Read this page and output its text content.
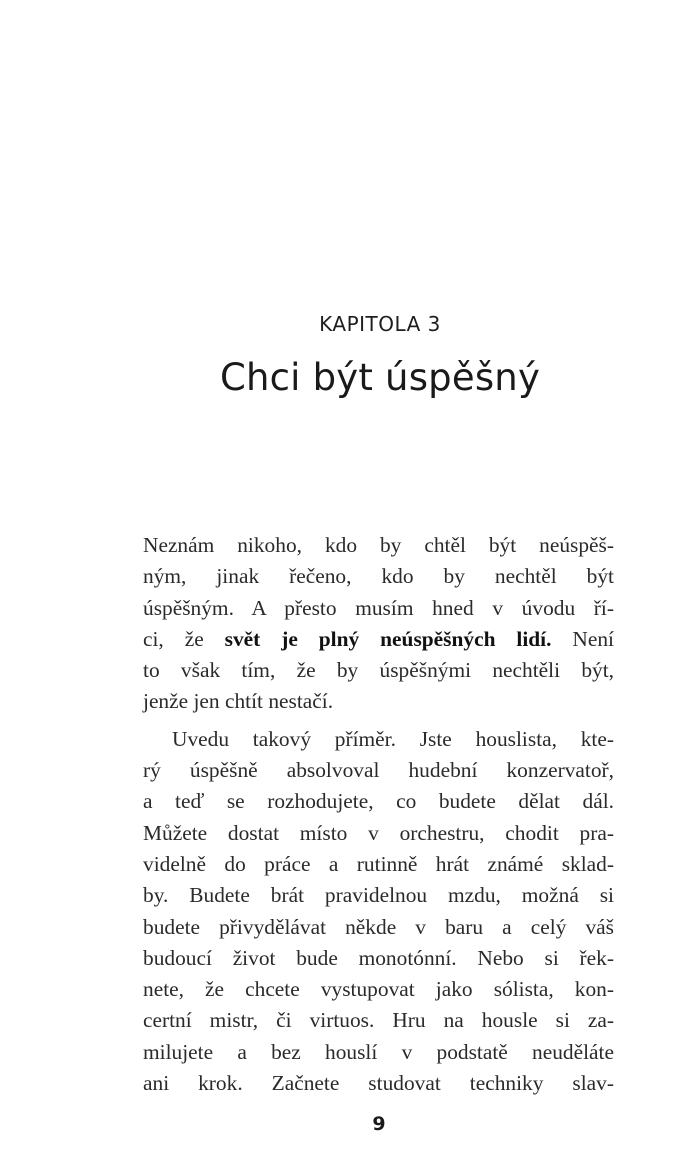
KAPITOLA 3
Chci být úspěšný
Neznám nikoho, kdo by chtěl být neúspěš-
ným, jinak řečeno, kdo by nechtěl být
úspěšným. A přesto musím hned v úvodu ří-
ci, že svět je plný neúspěšných lidí. Není
to však tím, že by úspěšnými nechtěli být,
jenže jen chtít nestačí.
Uvedu takový příměr. Jste houslista, kte-
rý úspěšně absolvoval hudební konzervatoř,
a teď se rozhodujete, co budete dělat dál.
Můžete dostat místo v orchestru, chodit pra-
videlně do práce a rutinně hrát známé sklad-
by. Budete brát pravidelnou mzdu, možná si
budete přivydělávat někde v baru a celý váš
budoucí život bude monotónní. Nebo si řek-
nete, že chcete vystupovat jako sólista, kon-
certní mistr, či virtuos. Hru na housle si za-
milujete a bez houslí v podstatě neuděláte
ani krok. Začnete studovat techniky slav-
9
